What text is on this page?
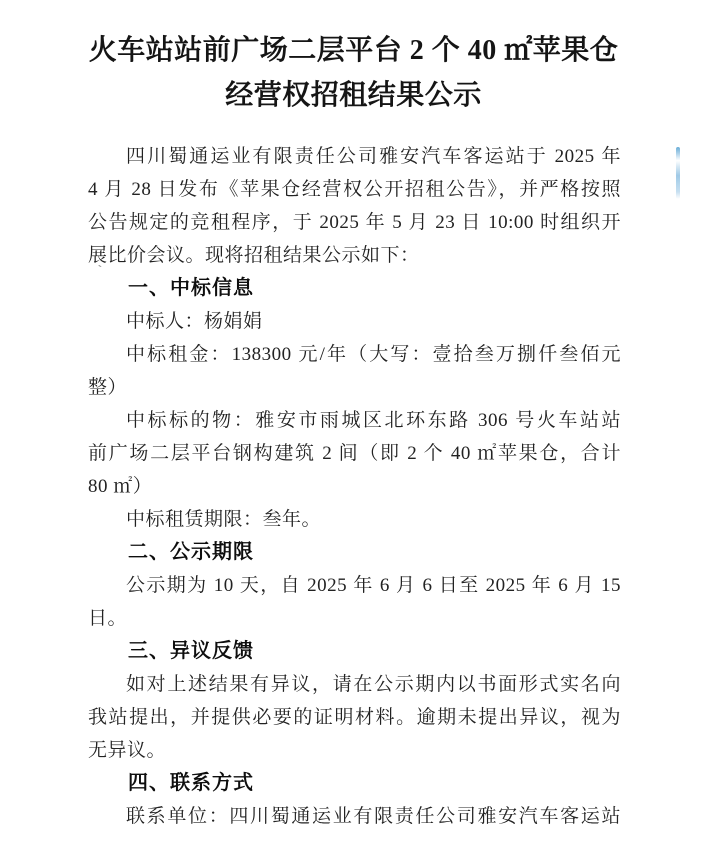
火车站站前广场二层平台 2 个 40 ㎡苹果仓
经营权招租结果公示
四川蜀通运业有限责任公司雅安汽车客运站于 2025 年
4 月 28 日发布《苹果仓经营权公开招租公告》，并严格按照
公告规定的竞租程序，于 2025 年 5 月 23 日 10:00 时组织开
展比价会议。现将招租结果公示如下：
一、中标信息
中标人：杨娟娟
中标租金：138300 元/年（大写：壹拾叁万捌仟叁佰元
整）
中标标的物：雅安市雨城区北环东路 306 号火车站站
前广场二层平台钢构建筑 2 间（即 2 个 40 ㎡苹果仓，合计
80 ㎡）
中标租赁期限：叁年。
二、公示期限
公示期为 10 天，自 2025 年 6 月 6 日至 2025 年 6 月 15
日。
三、异议反馈
如对上述结果有异议，请在公示期内以书面形式实名向
我站提出，并提供必要的证明材料。逾期未提出异议，视为
无异议。
四、联系方式
联系单位：四川蜀通运业有限责任公司雅安汽车客运站
`
